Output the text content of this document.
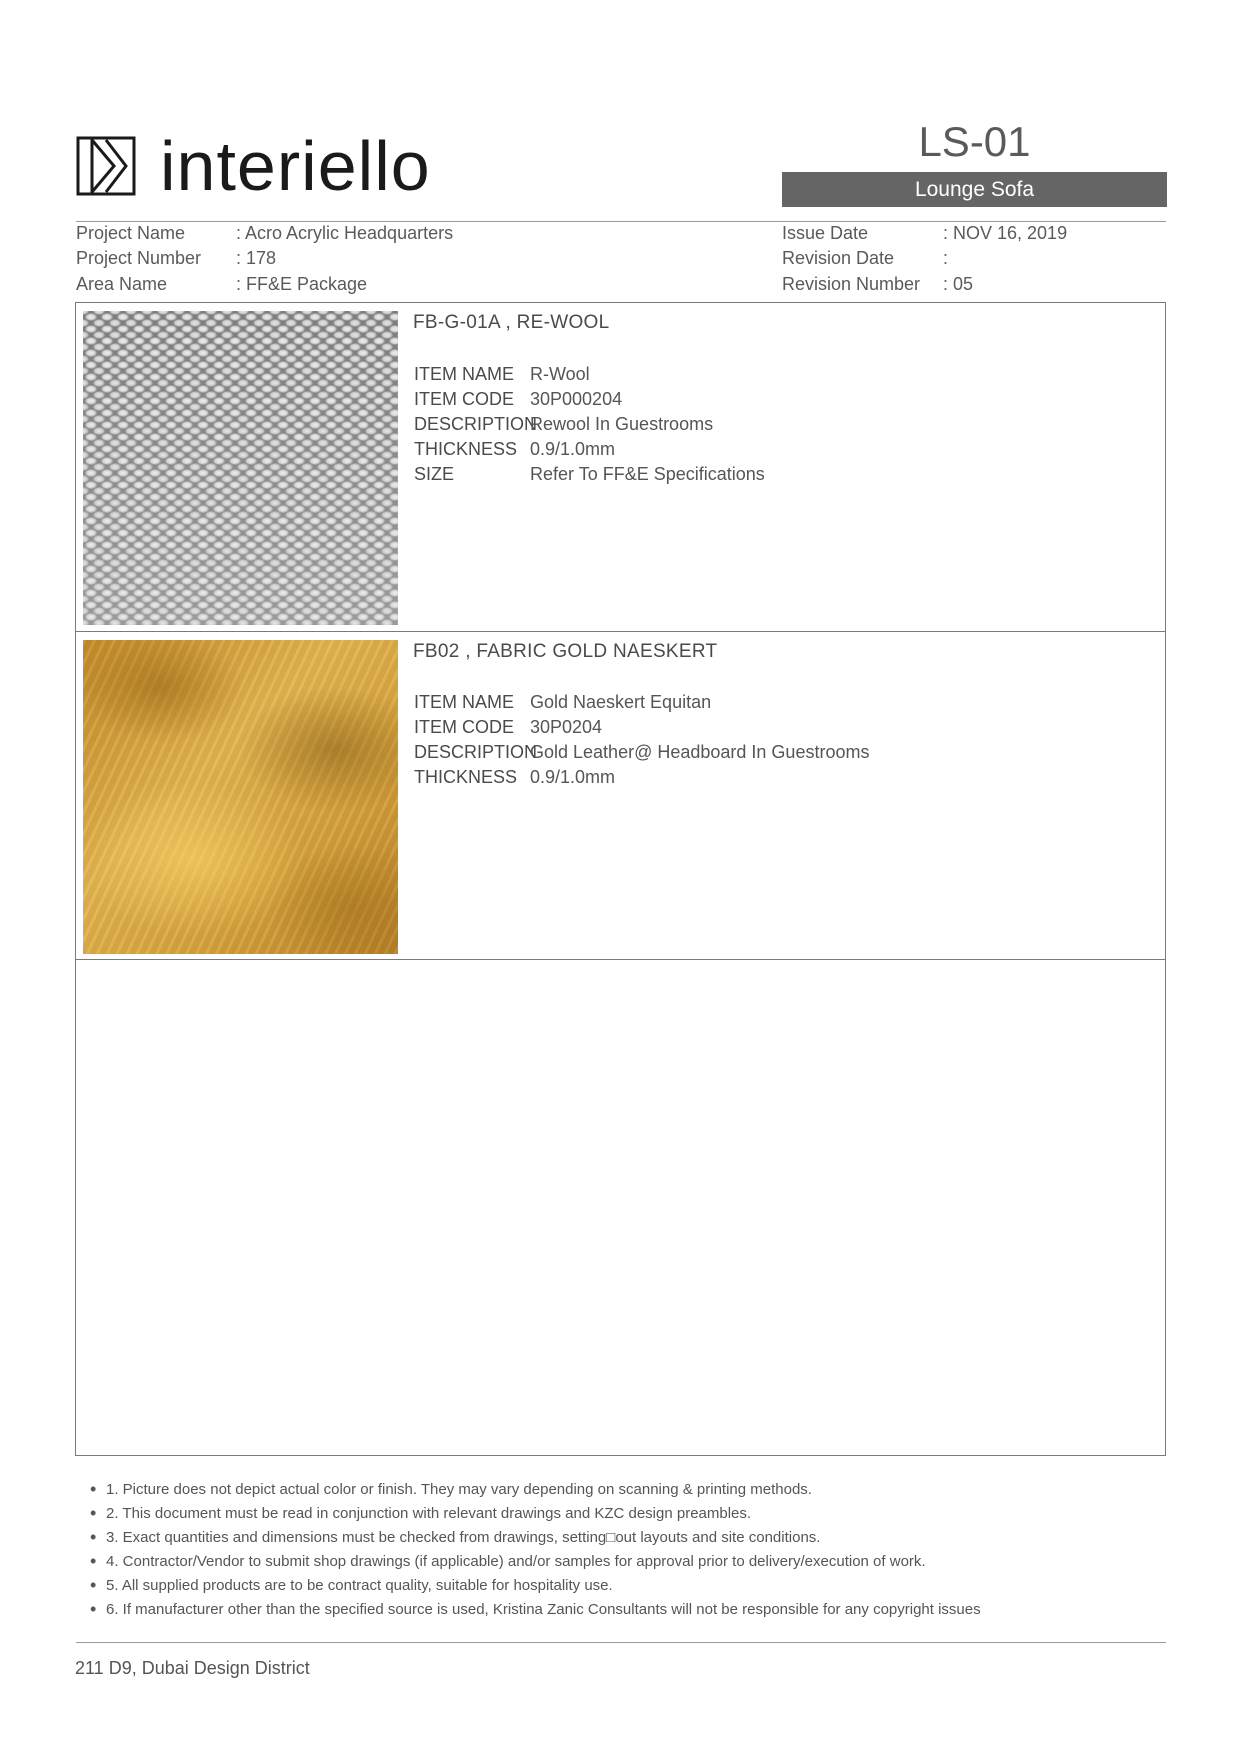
interiello	LS-01
Lounge Sofa
Project Name	: Acro Acrylic Headquarters
Project Number : 178
Area Name	: FF&E Package
Issue Date	: NOV 16, 2019
Revision Date	:
Revision Number : 05
FB-G-01A , RE-WOOL
ITEM NAME R-Wool
ITEM CODE 30P000204
DESCRIPTION
Rewool In Guestrooms
THICKNESS 0.9/1.0mm
SIZE	Refer To FF&E Specifications
FB02 , FABRIC GOLD NAESKERT
ITEM NAME Gold Naeskert Equitan
ITEM CODE 30P0204
DESCRIPTION
Gold Leather@ Headboard In Guestrooms
THICKNESS 0.9/1.0mm
• 1. Picture does not depict actual color or finish. They may vary depending on scanning & printing methods.
• 2. This document must be read in conjunction with relevant drawings and KZC design preambles.
• 3. Exact quantities and dimensions must be checked from drawings, setting□out layouts and site conditions.
• 4. Contractor/Vendor to submit shop drawings (if applicable) and/or samples for approval prior to delivery/execution of work.
• 5. All supplied products are to be contract quality, suitable for hospitality use.
• 6. If manufacturer other than the specified source is used, Kristina Zanic Consultants will not be responsible for any copyright issues
211 D9, Dubai Design District
